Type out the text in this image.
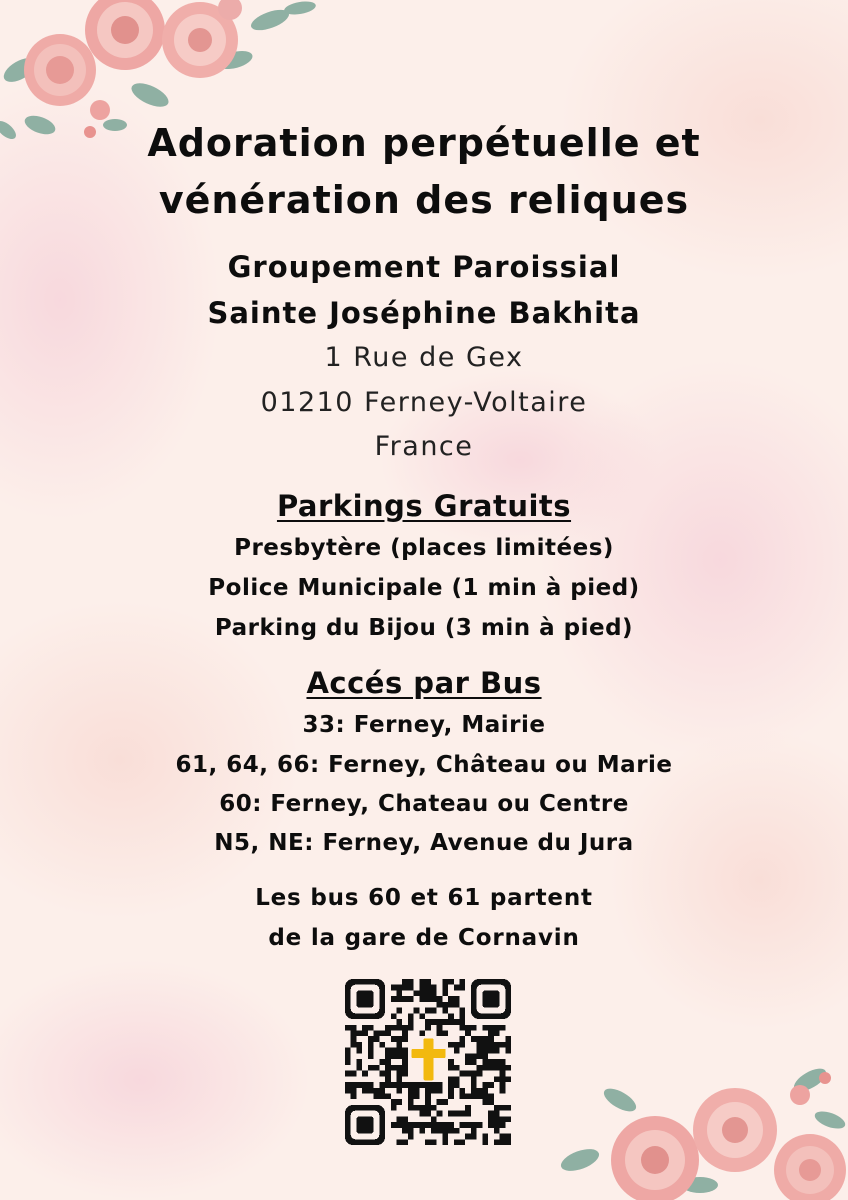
Adoration perpétuelle et
vénération des reliques
Groupement Paroissial
Sainte Joséphine Bakhita
1 Rue de Gex
01210 Ferney-Voltaire
France
Parkings Gratuits
Presbytère (places limitées)
Police Municipale (1 min à pied)
Parking du Bijou (3 min à pied)
Accés par Bus
33: Ferney, Mairie
61, 64, 66: Ferney, Château ou Marie
60: Ferney, Chateau ou Centre
N5, NE: Ferney, Avenue du Jura
Les bus 60 et 61 partent
de la gare de Cornavin
